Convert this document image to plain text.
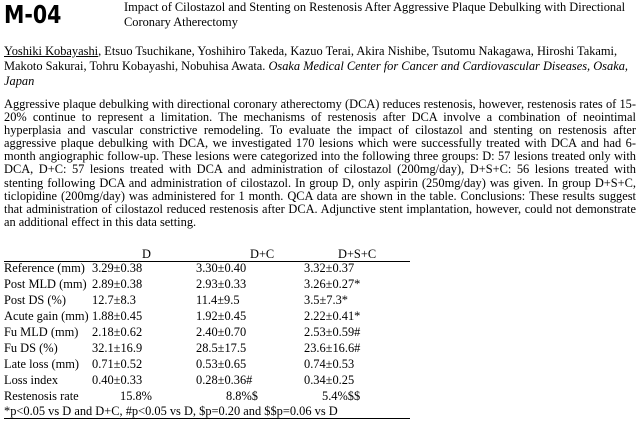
M-04	Impact of Cilostazol and Stenting on Restenosis After Aggressive Plaque Debulking with Directional Coronary Atherectomy
Yoshiki Kobayashi, Etsuo Tsuchikane, Yoshihiro Takeda, Kazuo Terai, Akira Nishibe, Tsutomu Nakagawa, Hiroshi Takami, Makoto Sakurai, Tohru Kobayashi, Nobuhisa Awata. Osaka Medical Center for Cancer and Cardiovascular Diseases, Osaka, Japan
Aggressive plaque debulking with directional coronary atherectomy (DCA) reduces restenosis, however, restenosis rates of 15-20% continue to represent a limitation. The mechanisms of restenosis after DCA involve a combination of neointimal hyperplasia and vascular constrictive remodeling. To evaluate the impact of cilostazol and stenting on restenosis after aggressive plaque debulking with DCA, we investigated 170 lesions which were successfully treated with DCA and had 6-month angiographic follow-up. These lesions were categorized into the following three groups: D: 57 lesions treated only with DCA, D+C: 57 lesions treated with DCA and administration of cilostazol (200mg/day), D+S+C: 56 lesions treated with stenting following DCA and administration of cilostazol. In group D, only aspirin (250mg/day) was given. In group D+S+C, ticlopidine (200mg/day) was administered for 1 month. QCA data are shown in the table. Conclusions: These results suggest that administration of cilostazol reduced restenosis after DCA. Adjunctive stent implantation, however, could not demonstrate an additional effect in this data setting.
D	D+C	D+S+C
Reference (mm) 3.29±0.38	3.30±0.40	3.32±0.37
Post MLD (mm) 2.89±0.38	2.93±0.33	3.26±0.27*
Post DS (%) 12.7±8.3	11.4±9.5	3.5±7.3*
Acute gain (mm) 1.88±0.45	1.92±0.45	2.22±0.41*
Fu MLD (mm) 2.18±0.62	2.40±0.70	2.53±0.59#
Fu DS (%)	32.1±16.9	28.5±17.5	23.6±16.6#
Late loss (mm) 0.71±0.52	0.53±0.65	0.74±0.53
Loss index	0.40±0.33	0.28±0.36#	0.34±0.25
Restenosis rate	15.8%	8.8%$	5.4%$$
*p<0.05 vs D and D+C, #p<0.05 vs D, $p=0.20 and $$p=0.06 vs D
